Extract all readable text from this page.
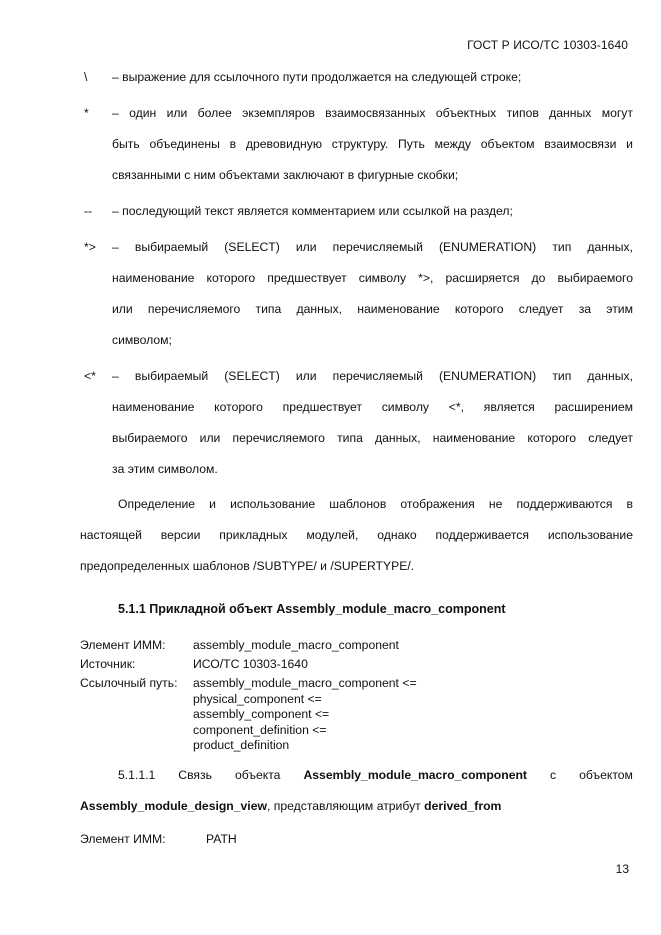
ГОСТ Р ИСО/ТС 10303-1640
\ – выражение для ссылочного пути продолжается на следующей строке;
* – один или более экземпляров взаимосвязанных объектных типов данных могут
быть объединены в древовидную структуру. Путь между объектом взаимосвязи и
связанными с ним объектами заключают в фигурные скобки;
-- – последующий текст является комментарием или ссылкой на раздел;
*> – выбираемый (SELECT) или перечисляемый (ENUMERATION) тип данных,
наименование которого предшествует символу *>, расширяется до выбираемого
или перечисляемого типа данных, наименование которого следует за этим
символом;
<* – выбираемый (SELECT) или перечисляемый (ENUMERATION) тип данных,
наименование которого предшествует символу <*, является расширением
выбираемого или перечисляемого типа данных, наименование которого следует
за этим символом.
Определение и использование шаблонов отображения не поддерживаются в
настоящей версии прикладных модулей, однако поддерживается использование
предопределенных шаблонов /SUBTYPE/ и /SUPERTYPE/.
5.1.1 Прикладной объект Assembly_module_macro_component
Элемент ИММ: assembly_module_macro_component
Источник:	ИСО/ТС 10303-1640
Ссылочный путь: assembly_module_macro_component <=
physical_component <=
assembly_component <=
component_definition <=
product_definition
5.1.1.1 Связь объекта Assembly_module_macro_component с объектом
Assembly_module_design_view, представляющим атрибут derived_from
Элемент ИММ:	PATH
13
